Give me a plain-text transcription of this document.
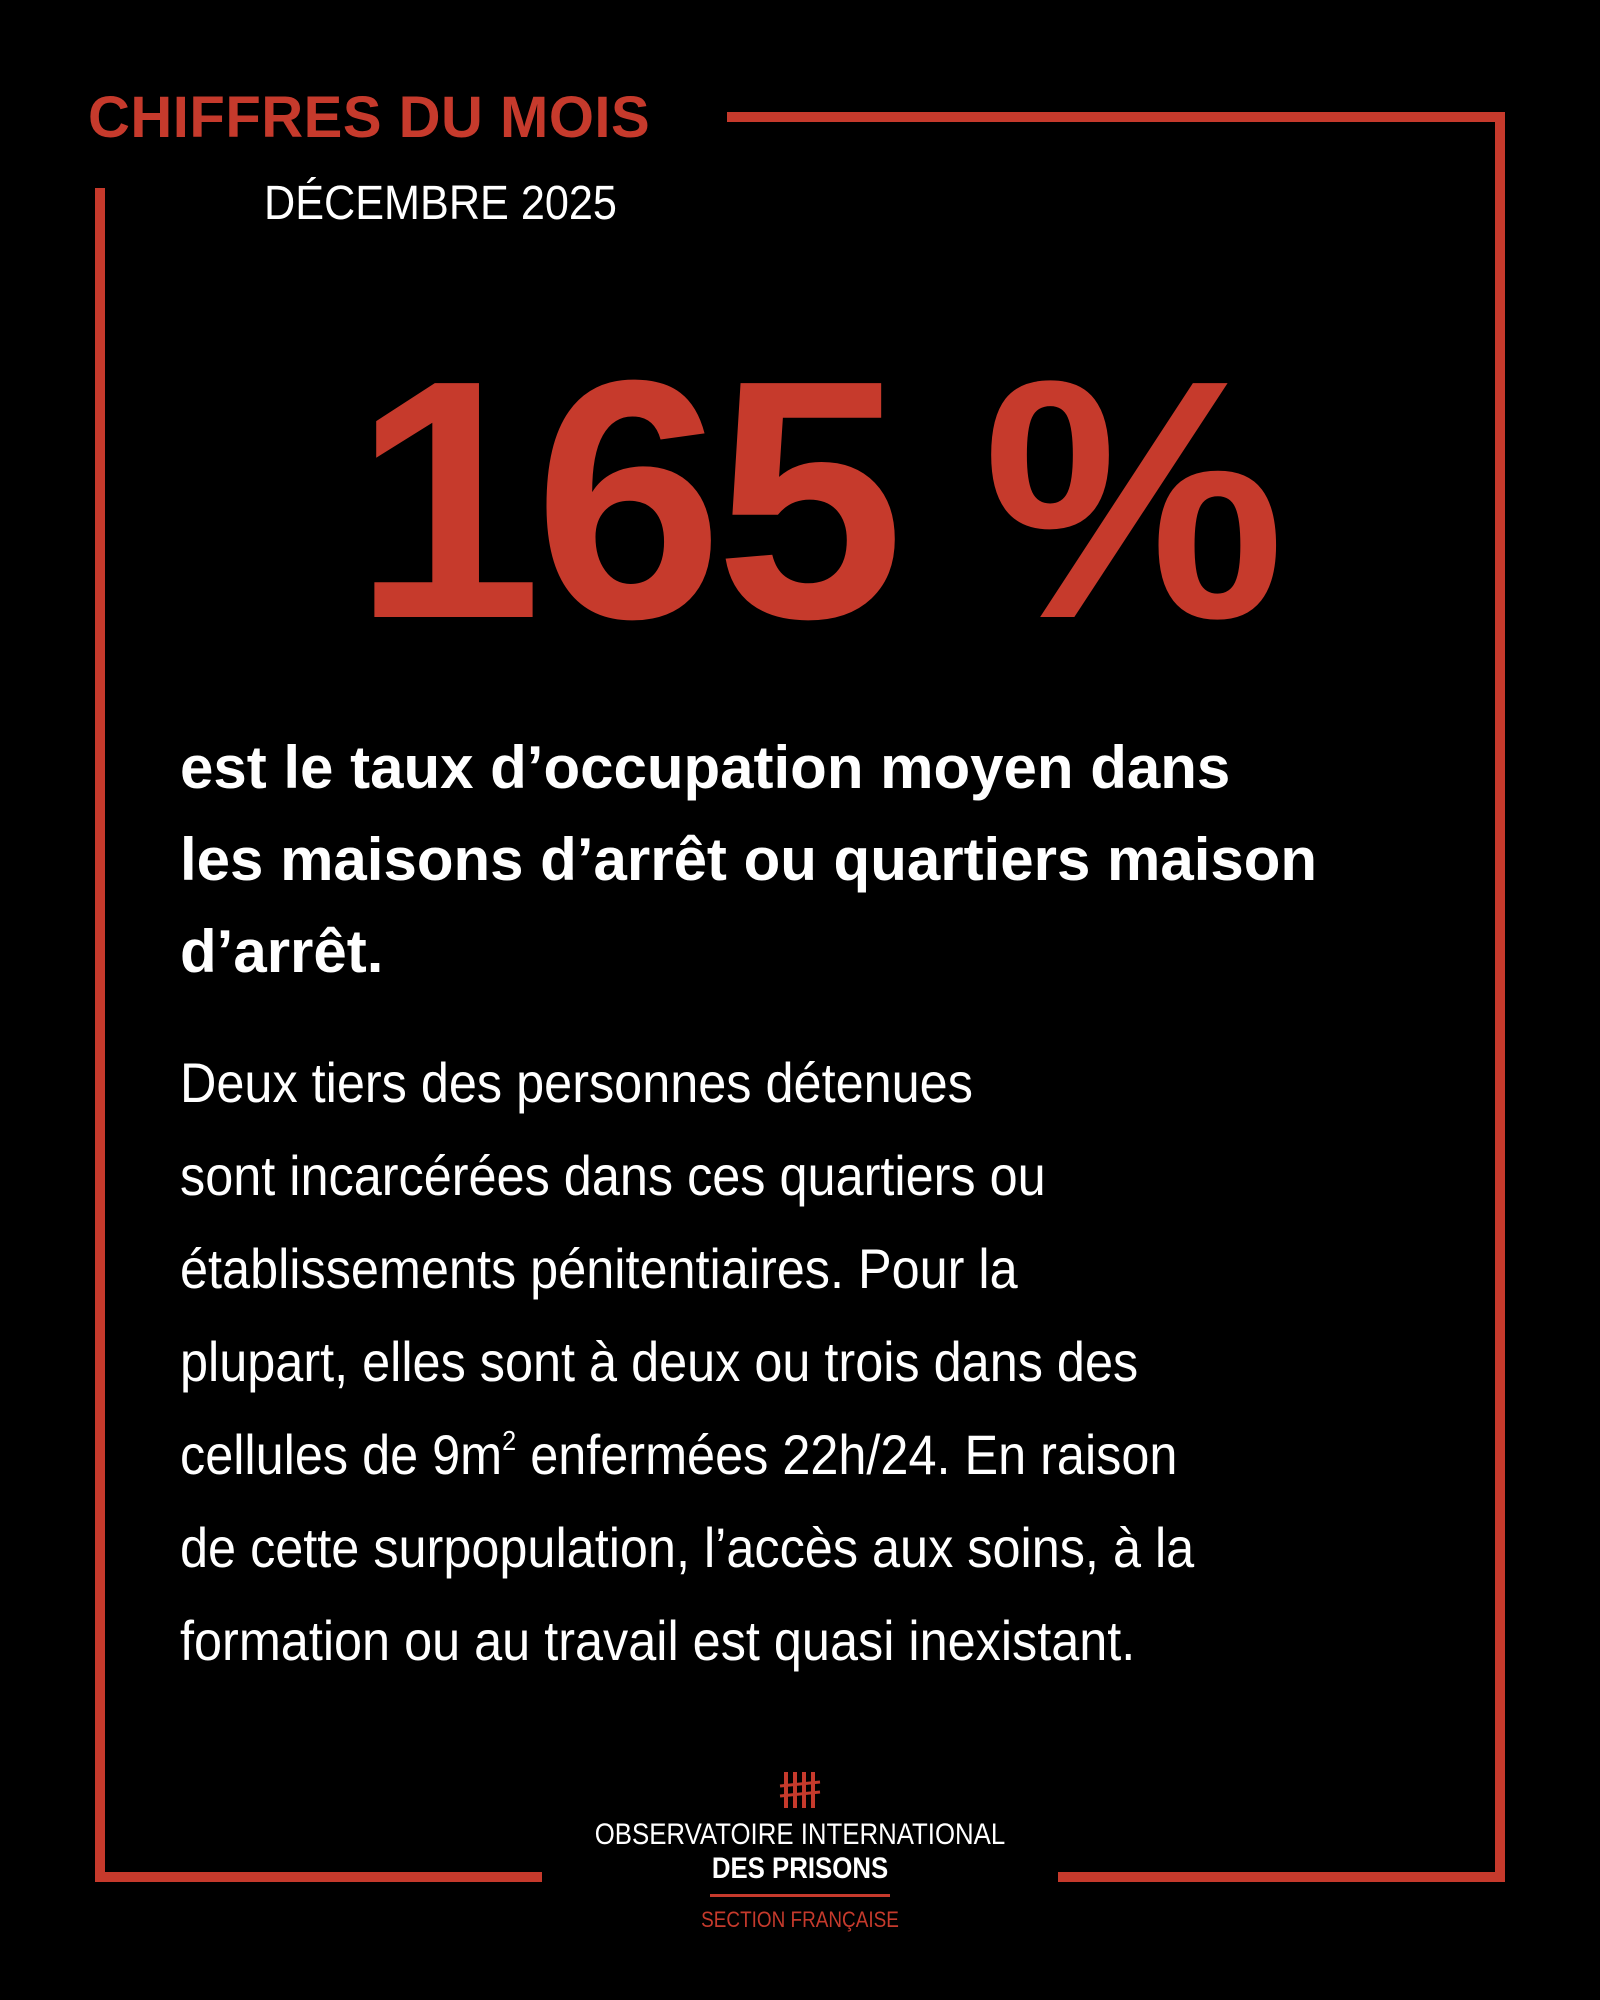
CHIFFRES DU MOIS
DÉCEMBRE 2025
165 %
est le taux d’occupation moyen dans
les maisons d’arrêt ou quartiers maison
d’arrêt.
Deux tiers des personnes détenues
sont incarcérées dans ces quartiers ou
établissements pénitentiaires. Pour la
plupart, elles sont à deux ou trois dans des
cellules de $9m^2$ enfermées 22h/24. En raison
de cette surpopulation, l’accès aux soins, à la
formation ou au travail est quasi inexistant.
OBSERVATOIRE INTERNATIONAL
DES PRISONS
SECTION FRANÇAISE
